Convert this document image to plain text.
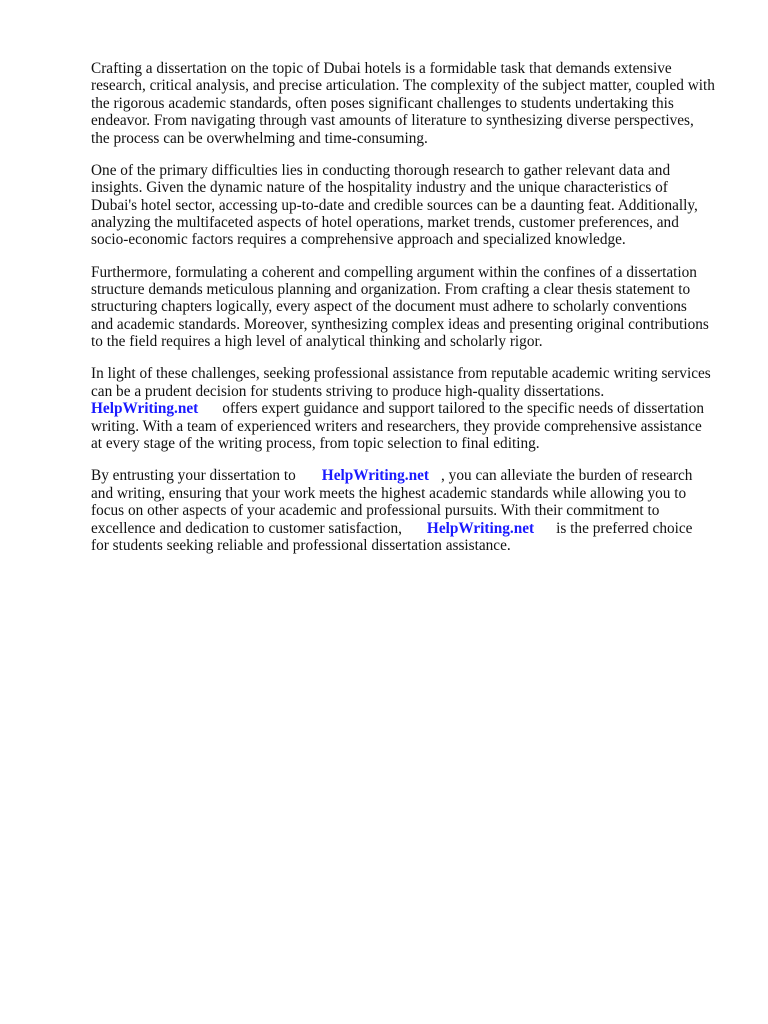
Crafting a dissertation on the topic of Dubai hotels is a formidable task that demands extensive
research, critical analysis, and precise articulation. The complexity of the subject matter, coupled with
the rigorous academic standards, often poses significant challenges to students undertaking this
endeavor. From navigating through vast amounts of literature to synthesizing diverse perspectives,
the process can be overwhelming and time-consuming.

One of the primary difficulties lies in conducting thorough research to gather relevant data and
insights. Given the dynamic nature of the hospitality industry and the unique characteristics of
Dubai's hotel sector, accessing up-to-date and credible sources can be a daunting feat. Additionally,
analyzing the multifaceted aspects of hotel operations, market trends, customer preferences, and
socio-economic factors requires a comprehensive approach and specialized knowledge.

Furthermore, formulating a coherent and compelling argument within the confines of a dissertation
structure demands meticulous planning and organization. From crafting a clear thesis statement to
structuring chapters logically, every aspect of the document must adhere to scholarly conventions
and academic standards. Moreover, synthesizing complex ideas and presenting original contributions
to the field requires a high level of analytical thinking and scholarly rigor.

In light of these challenges, seeking professional assistance from reputable academic writing services
can be a prudent decision for students striving to produce high-quality dissertations.
HelpWriting.net offers expert guidance and support tailored to the specific needs of dissertation
writing. With a team of experienced writers and researchers, they provide comprehensive assistance
at every stage of the writing process, from topic selection to final editing.

By entrusting your dissertation to HelpWriting.net , you can alleviate the burden of research
and writing, ensuring that your work meets the highest academic standards while allowing you to
focus on other aspects of your academic and professional pursuits. With their commitment to
excellence and dedication to customer satisfaction, HelpWriting.net is the preferred choice
for students seeking reliable and professional dissertation assistance.
